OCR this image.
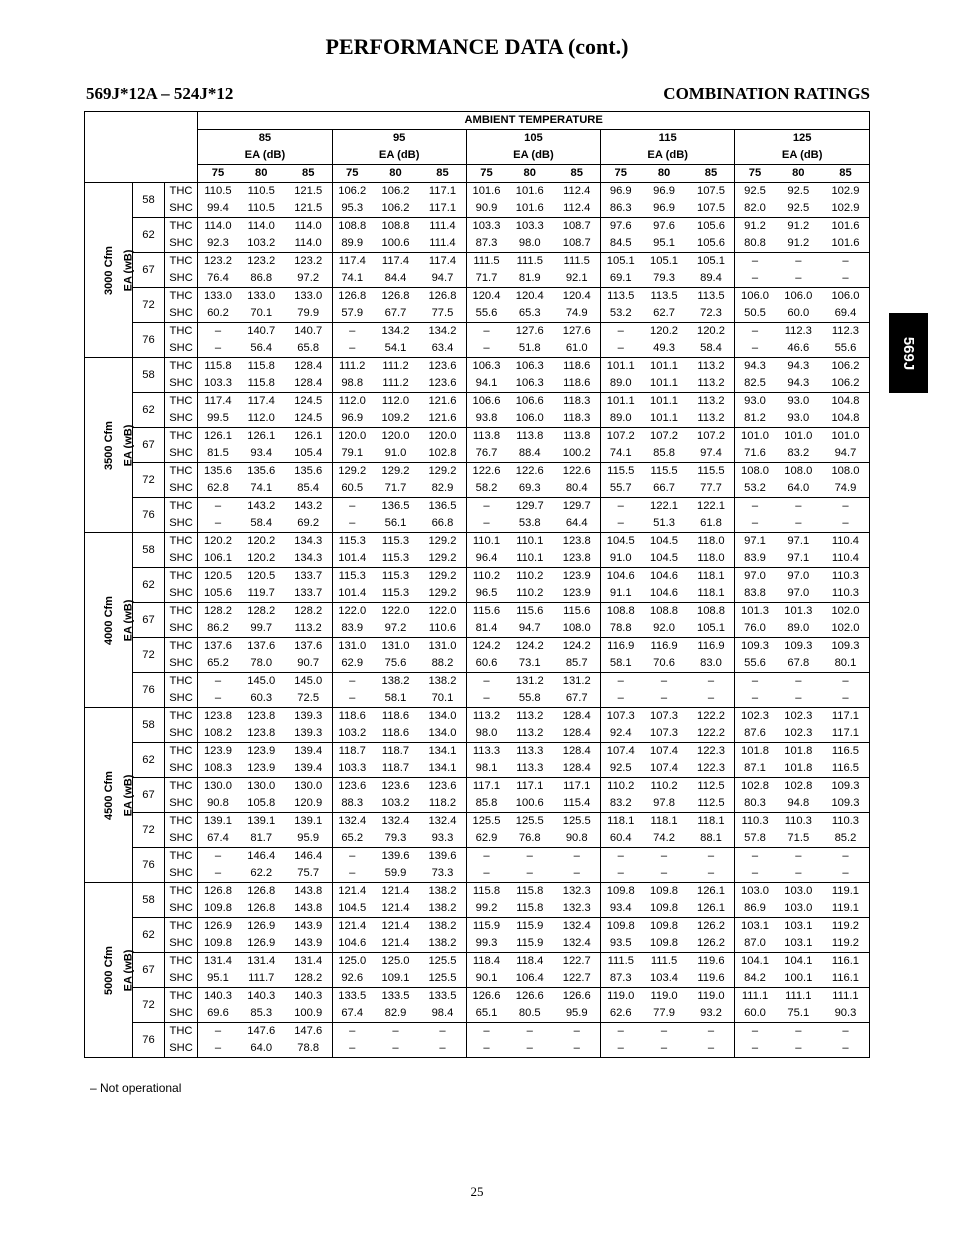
PERFORMANCE DATA (cont.)
569J*12A – 524J*12	COMBINATION RATINGS
569J
				AMBIENT TEMPERATURE														
				85			95			105			115			125		
				EA (dB)			EA (dB)			EA (dB)			EA (dB)			EA (dB)		
				75	80	85	75	80	85	75	80	85	75	80	85	75	80	85
3000 Cfm	EA (wB)	58	THC	110.5	110.5	121.5	106.2	106.2	117.1	101.6	101.6	112.4	96.9	96.9	107.5	92.5	92.5	102.9
			SHC	99.4	110.5	121.5	95.3	106.2	117.1	90.9	101.6	112.4	86.3	96.9	107.5	82.0	92.5	102.9
		62	THC	114.0	114.0	114.0	108.8	108.8	111.4	103.3	103.3	108.7	97.6	97.6	105.6	91.2	91.2	101.6
			SHC	92.3	103.2	114.0	89.9	100.6	111.4	87.3	98.0	108.7	84.5	95.1	105.6	80.8	91.2	101.6
		67	THC	123.2	123.2	123.2	117.4	117.4	117.4	111.5	111.5	111.5	105.1	105.1	105.1	–	–	–
			SHC	76.4	86.8	97.2	74.1	84.4	94.7	71.7	81.9	92.1	69.1	79.3	89.4	–	–	–
		72	THC	133.0	133.0	133.0	126.8	126.8	126.8	120.4	120.4	120.4	113.5	113.5	113.5	106.0	106.0	106.0
			SHC	60.2	70.1	79.9	57.9	67.7	77.5	55.6	65.3	74.9	53.2	62.7	72.3	50.5	60.0	69.4
		76	THC	–	140.7	140.7	–	134.2	134.2	–	127.6	127.6	–	120.2	120.2	–	112.3	112.3
			SHC	–	56.4	65.8	–	54.1	63.4	–	51.8	61.0	–	49.3	58.4	–	46.6	55.6
3500 Cfm	EA (wB)	58	THC	115.8	115.8	128.4	111.2	111.2	123.6	106.3	106.3	118.6	101.1	101.1	113.2	94.3	94.3	106.2
			SHC	103.3	115.8	128.4	98.8	111.2	123.6	94.1	106.3	118.6	89.0	101.1	113.2	82.5	94.3	106.2
		62	THC	117.4	117.4	124.5	112.0	112.0	121.6	106.6	106.6	118.3	101.1	101.1	113.2	93.0	93.0	104.8
			SHC	99.5	112.0	124.5	96.9	109.2	121.6	93.8	106.0	118.3	89.0	101.1	113.2	81.2	93.0	104.8
		67	THC	126.1	126.1	126.1	120.0	120.0	120.0	113.8	113.8	113.8	107.2	107.2	107.2	101.0	101.0	101.0
			SHC	81.5	93.4	105.4	79.1	91.0	102.8	76.7	88.4	100.2	74.1	85.8	97.4	71.6	83.2	94.7
		72	THC	135.6	135.6	135.6	129.2	129.2	129.2	122.6	122.6	122.6	115.5	115.5	115.5	108.0	108.0	108.0
			SHC	62.8	74.1	85.4	60.5	71.7	82.9	58.2	69.3	80.4	55.7	66.7	77.7	53.2	64.0	74.9
		76	THC	–	143.2	143.2	–	136.5	136.5	–	129.7	129.7	–	122.1	122.1	–	–	–
			SHC	–	58.4	69.2	–	56.1	66.8	–	53.8	64.4	–	51.3	61.8	–	–	–
4000 Cfm	EA (wB)	58	THC	120.2	120.2	134.3	115.3	115.3	129.2	110.1	110.1	123.8	104.5	104.5	118.0	97.1	97.1	110.4
			SHC	106.1	120.2	134.3	101.4	115.3	129.2	96.4	110.1	123.8	91.0	104.5	118.0	83.9	97.1	110.4
		62	THC	120.5	120.5	133.7	115.3	115.3	129.2	110.2	110.2	123.9	104.6	104.6	118.1	97.0	97.0	110.3
			SHC	105.6	119.7	133.7	101.4	115.3	129.2	96.5	110.2	123.9	91.1	104.6	118.1	83.8	97.0	110.3
		67	THC	128.2	128.2	128.2	122.0	122.0	122.0	115.6	115.6	115.6	108.8	108.8	108.8	101.3	101.3	102.0
			SHC	86.2	99.7	113.2	83.9	97.2	110.6	81.4	94.7	108.0	78.8	92.0	105.1	76.0	89.0	102.0
		72	THC	137.6	137.6	137.6	131.0	131.0	131.0	124.2	124.2	124.2	116.9	116.9	116.9	109.3	109.3	109.3
			SHC	65.2	78.0	90.7	62.9	75.6	88.2	60.6	73.1	85.7	58.1	70.6	83.0	55.6	67.8	80.1
		76	THC	–	145.0	145.0	–	138.2	138.2	–	131.2	131.2	–	–	–	–	–	–
			SHC	–	60.3	72.5	–	58.1	70.1	–	55.8	67.7	–	–	–	–	–	–
4500 Cfm	EA (wB)	58	THC	123.8	123.8	139.3	118.6	118.6	134.0	113.2	113.2	128.4	107.3	107.3	122.2	102.3	102.3	117.1
			SHC	108.2	123.8	139.3	103.2	118.6	134.0	98.0	113.2	128.4	92.4	107.3	122.2	87.6	102.3	117.1
		62	THC	123.9	123.9	139.4	118.7	118.7	134.1	113.3	113.3	128.4	107.4	107.4	122.3	101.8	101.8	116.5
			SHC	108.3	123.9	139.4	103.3	118.7	134.1	98.1	113.3	128.4	92.5	107.4	122.3	87.1	101.8	116.5
		67	THC	130.0	130.0	130.0	123.6	123.6	123.6	117.1	117.1	117.1	110.2	110.2	112.5	102.8	102.8	109.3
			SHC	90.8	105.8	120.9	88.3	103.2	118.2	85.8	100.6	115.4	83.2	97.8	112.5	80.3	94.8	109.3
		72	THC	139.1	139.1	139.1	132.4	132.4	132.4	125.5	125.5	125.5	118.1	118.1	118.1	110.3	110.3	110.3
			SHC	67.4	81.7	95.9	65.2	79.3	93.3	62.9	76.8	90.8	60.4	74.2	88.1	57.8	71.5	85.2
		76	THC	–	146.4	146.4	–	139.6	139.6	–	–	–	–	–	–	–	–	–
			SHC	–	62.2	75.7	–	59.9	73.3	–	–	–	–	–	–	–	–	–
5000 Cfm	EA (wB)	58	THC	126.8	126.8	143.8	121.4	121.4	138.2	115.8	115.8	132.3	109.8	109.8	126.1	103.0	103.0	119.1
			SHC	109.8	126.8	143.8	104.5	121.4	138.2	99.2	115.8	132.3	93.4	109.8	126.1	86.9	103.0	119.1
		62	THC	126.9	126.9	143.9	121.4	121.4	138.2	115.9	115.9	132.4	109.8	109.8	126.2	103.1	103.1	119.2
			SHC	109.8	126.9	143.9	104.6	121.4	138.2	99.3	115.9	132.4	93.5	109.8	126.2	87.0	103.1	119.2
		67	THC	131.4	131.4	131.4	125.0	125.0	125.5	118.4	118.4	122.7	111.5	111.5	119.6	104.1	104.1	116.1
			SHC	95.1	111.7	128.2	92.6	109.1	125.5	90.1	106.4	122.7	87.3	103.4	119.6	84.2	100.1	116.1
		72	THC	140.3	140.3	140.3	133.5	133.5	133.5	126.6	126.6	126.6	119.0	119.0	119.0	111.1	111.1	111.1
			SHC	69.6	85.3	100.9	67.4	82.9	98.4	65.1	80.5	95.9	62.6	77.9	93.2	60.0	75.1	90.3
		76	THC	–	147.6	147.6	–	–	–	–	–	–	–	–	–	–	–	–
			SHC	–	64.0	78.8	–	–	–	–	–	–	–	–	–	–	–	–
– Not operational
25
